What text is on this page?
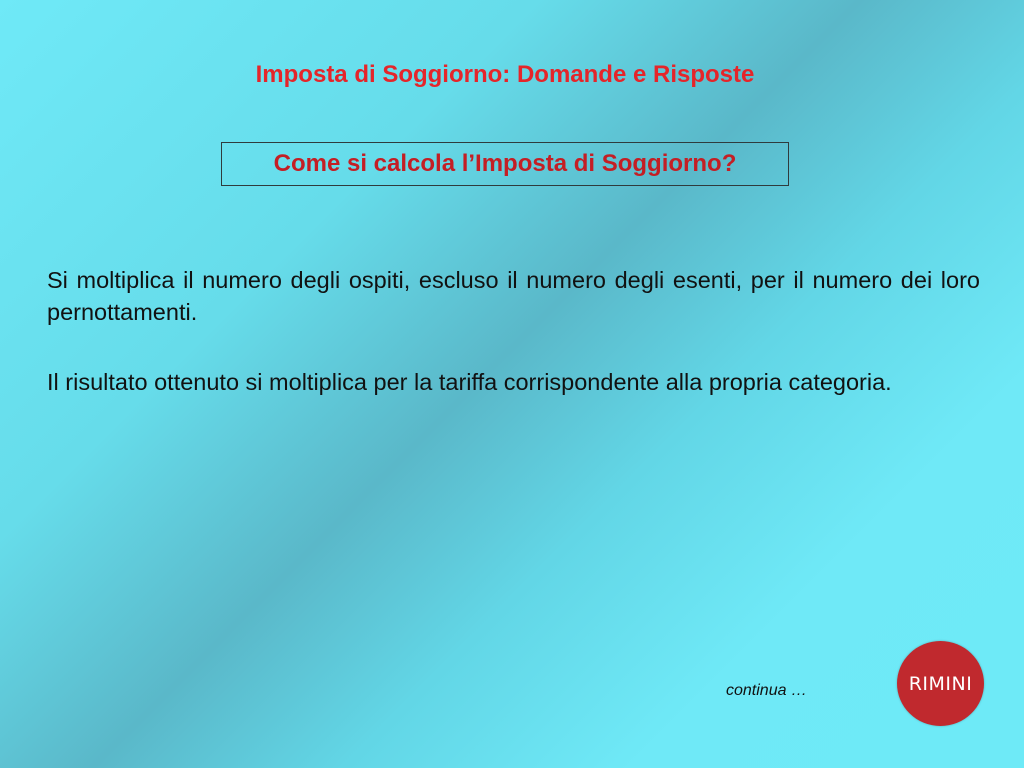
Imposta di Soggiorno: Domande e Risposte
Come si calcola l’Imposta di Soggiorno?
Si moltiplica il numero degli ospiti, escluso il numero degli esenti, per il numero dei loro pernottamenti.
Il risultato ottenuto si moltiplica per la tariffa corrispondente alla propria categoria.
continua …	RIMINI
